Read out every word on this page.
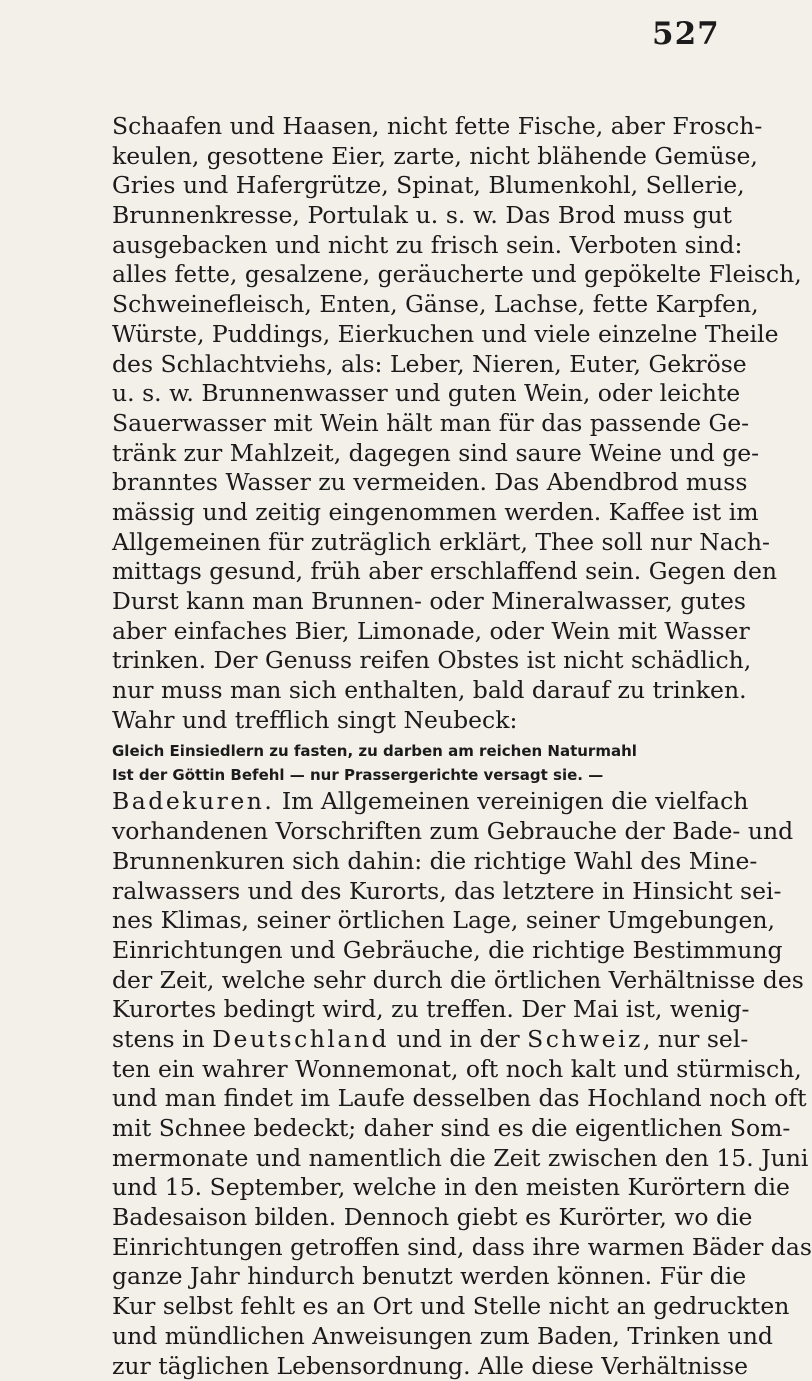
527
Schaafen und Haasen, nicht fette Fische, aber Frosch-
keulen, gesottene Eier, zarte, nicht blähende Gemüse,
Gries und Hafergrütze, Spinat, Blumenkohl, Sellerie,
Brunnenkresse, Portulak u. s. w. Das Brod muss gut
ausgebacken und nicht zu frisch sein. Verboten sind:
alles fette, gesalzene, geräucherte und gepökelte Fleisch,
Schweinefleisch, Enten, Gänse, Lachse, fette Karpfen,
Würste, Puddings, Eierkuchen und viele einzelne Theile
des Schlachtviehs, als: Leber, Nieren, Euter, Gekröse
u. s. w. Brunnenwasser und guten Wein, oder leichte
Sauerwasser mit Wein hält man für das passende Ge-
tränk zur Mahlzeit, dagegen sind saure Weine und ge-
branntes Wasser zu vermeiden. Das Abendbrod muss
mässig und zeitig eingenommen werden. Kaffee ist im
Allgemeinen für zuträglich erklärt, Thee soll nur Nach-
mittags gesund, früh aber erschlaffend sein. Gegen den
Durst kann man Brunnen- oder Mineralwasser, gutes
aber einfaches Bier, Limonade, oder Wein mit Wasser
trinken. Der Genuss reifen Obstes ist nicht schädlich,
nur muss man sich enthalten, bald darauf zu trinken.
Wahr und trefflich singt Neubeck:
Gleich Einsiedlern zu fasten, zu darben am reichen Naturmahl
Ist der Göttin Befehl — nur Prassergerichte versagt sie. —
Badekuren. Im Allgemeinen vereinigen die vielfach
vorhandenen Vorschriften zum Gebrauche der Bade- und
Brunnenkuren sich dahin: die richtige Wahl des Mine-
ralwassers und des Kurorts, das letztere in Hinsicht sei-
nes Klimas, seiner örtlichen Lage, seiner Umgebungen,
Einrichtungen und Gebräuche, die richtige Bestimmung
der Zeit, welche sehr durch die örtlichen Verhältnisse des
Kurortes bedingt wird, zu treffen. Der Mai ist, wenig-
stens in Deutschland und in der Schweiz, nur sel-
ten ein wahrer Wonnemonat, oft noch kalt und stürmisch,
und man findet im Laufe desselben das Hochland noch oft
mit Schnee bedeckt; daher sind es die eigentlichen Som-
mermonate und namentlich die Zeit zwischen den 15. Juni
und 15. September, welche in den meisten Kurörtern die
Badesaison bilden. Dennoch giebt es Kurörter, wo die
Einrichtungen getroffen sind, dass ihre warmen Bäder das
ganze Jahr hindurch benutzt werden können. Für die
Kur selbst fehlt es an Ort und Stelle nicht an gedruckten
und mündlichen Anweisungen zum Baden, Trinken und
zur täglichen Lebensordnung. Alle diese Verhältnisse
